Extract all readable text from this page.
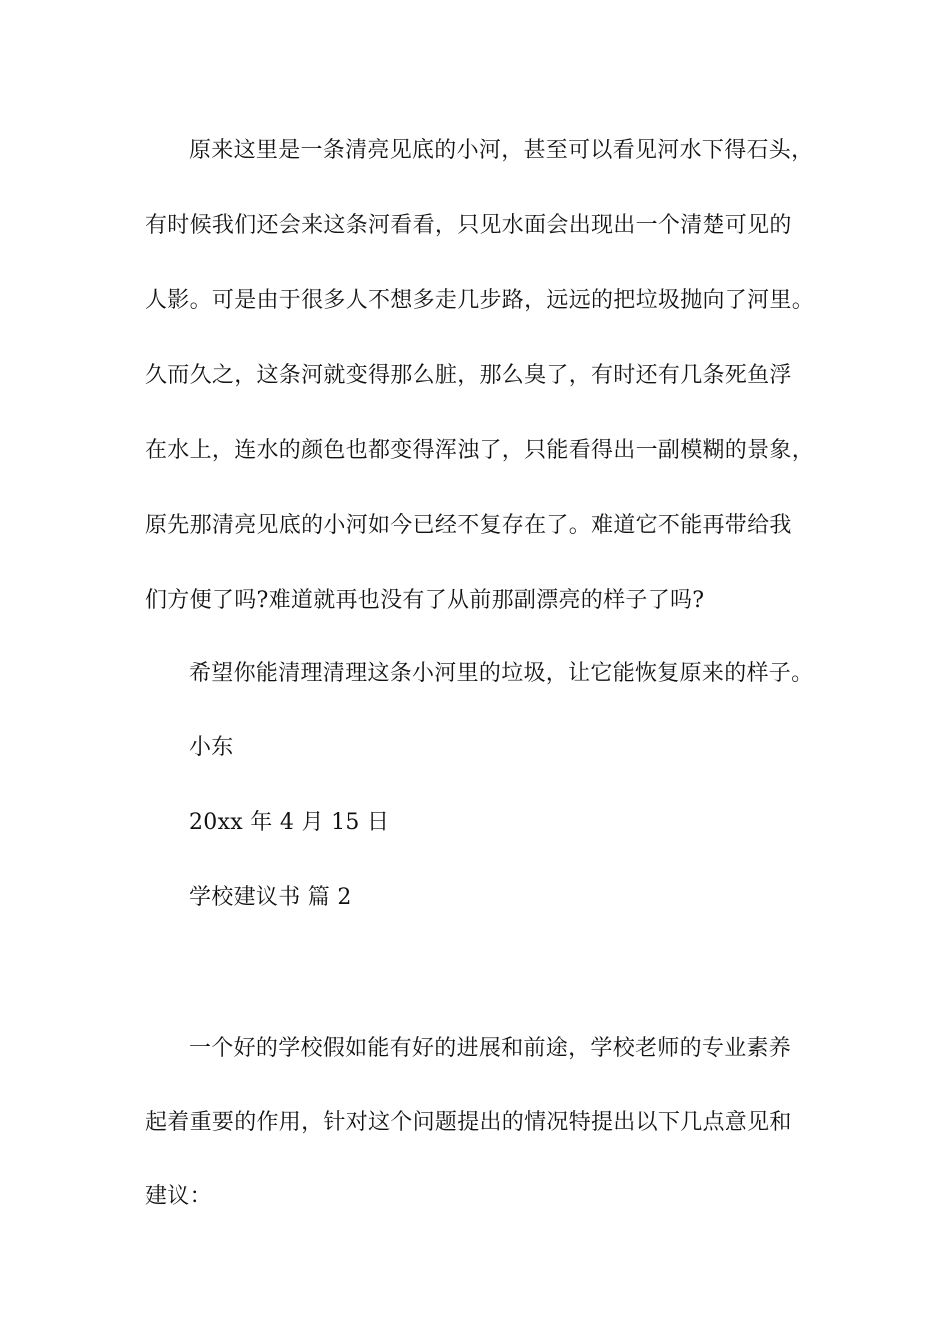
原来这里是一条清亮见底的小河，甚至可以看见河水下得石头，
有时候我们还会来这条河看看，只见水面会出现出一个清楚可见的
人影。可是由于很多人不想多走几步路，远远的把垃圾抛向了河里。
久而久之，这条河就变得那么脏，那么臭了，有时还有几条死鱼浮
在水上，连水的颜色也都变得浑浊了，只能看得出一副模糊的景象，
原先那清亮见底的小河如今已经不复存在了。难道它不能再带给我
们方便了吗?难道就再也没有了从前那副漂亮的样子了吗?
希望你能清理清理这条小河里的垃圾，让它能恢复原来的样子。
小东
20xx 年 4 月 15 日
学校建议书 篇 2
一个好的学校假如能有好的进展和前途，学校老师的专业素养
起着重要的作用，针对这个问题提出的情况特提出以下几点意见和
建议：
